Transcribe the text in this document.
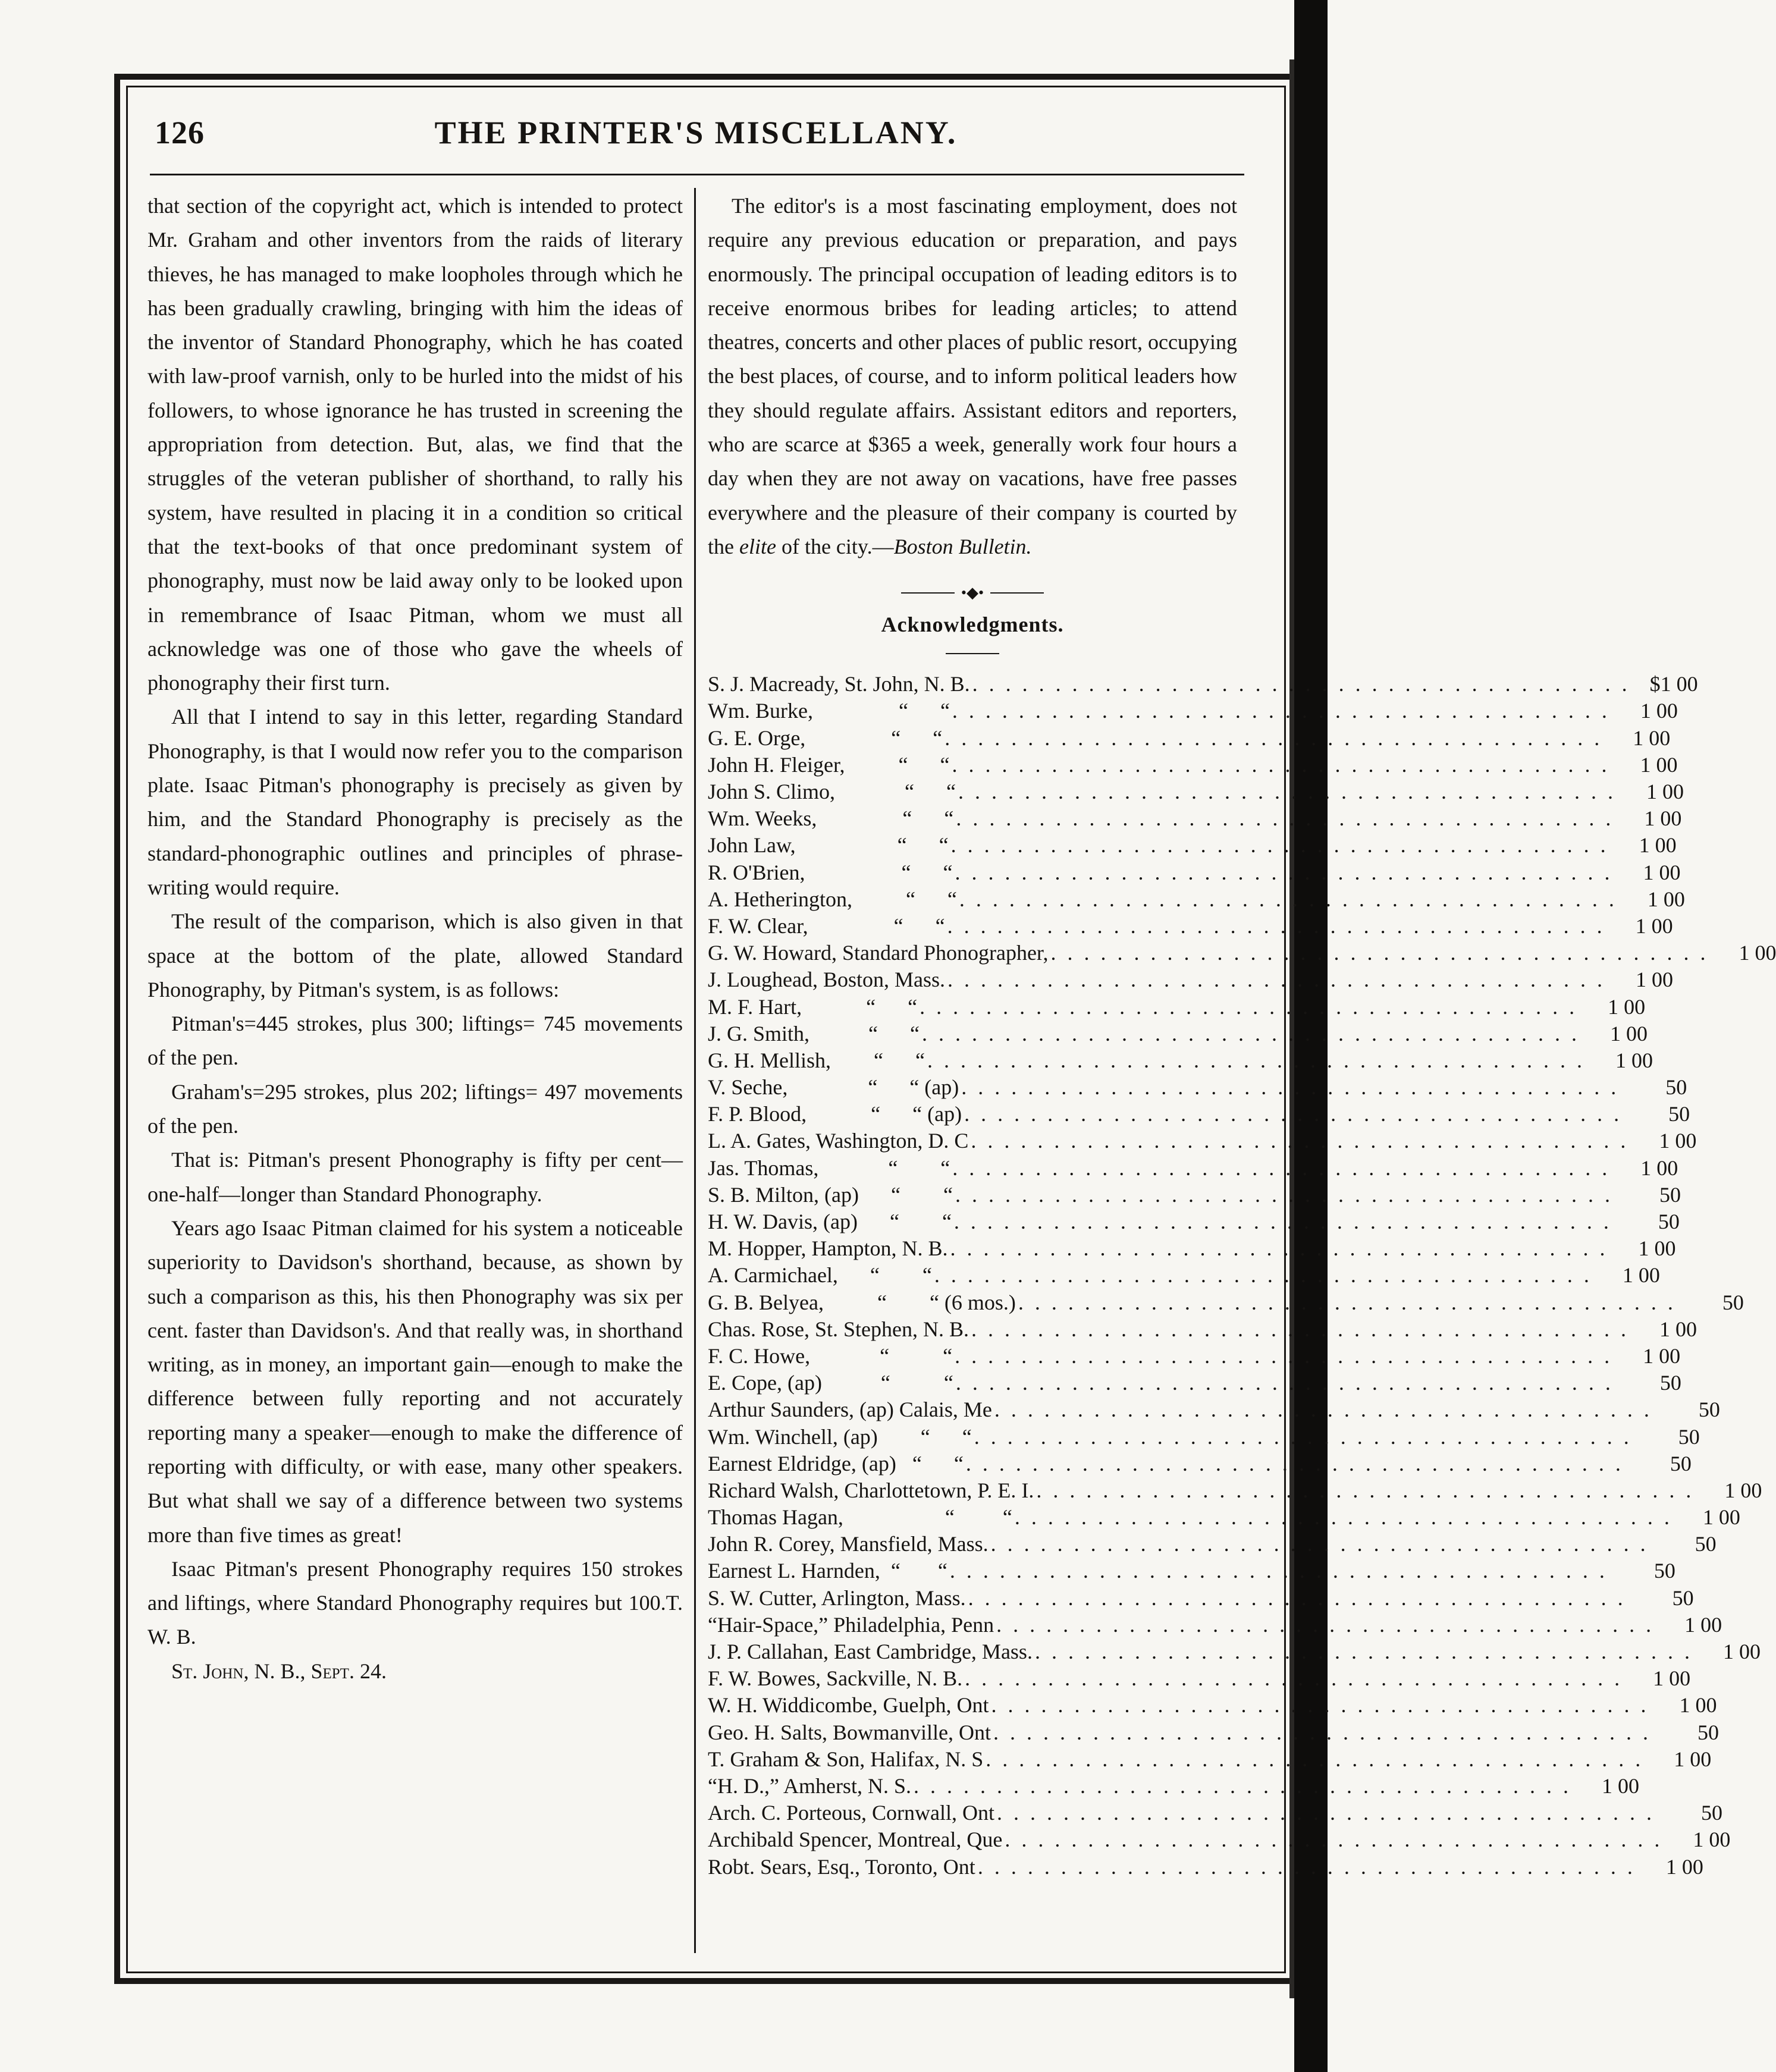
126	THE PRINTER'S MISCELLANY.

that section of the copyright act, which is intended to protect Mr. Graham and other inventors from the raids of literary thieves, he has managed to make loopholes through which he has been gradually crawling, bringing with him the ideas of the inventor of Standard Phonography, which he has coated with law-proof varnish, only to be hurled into the midst of his followers, to whose ignorance he has trusted in screening the appropriation from detection. But, alas, we find that the struggles of the veteran publisher of shorthand, to rally his system, have resulted in placing it in a condition so critical that the text-books of that once predominant system of phonography, must now be laid away only to be looked upon in remembrance of Isaac Pitman, whom we must all acknowledge was one of those who gave the wheels of phonography their first turn.

All that I intend to say in this letter, regarding Standard Phonography, is that I would now refer you to the comparison plate. Isaac Pitman's phonography is precisely as given by him, and the Standard Phonography is precisely as the standard-phonographic outlines and principles of phrase-writing would require.

The result of the comparison, which is also given in that space at the bottom of the plate, allowed Standard Phonography, by Pitman's system, is as follows:

Pitman's=445 strokes, plus 300; liftings= 745 movements of the pen.

Graham's=295 strokes, plus 202; liftings= 497 movements of the pen.

That is: Pitman's present Phonography is fifty per cent—one-half—longer than Standard Phonography.

Years ago Isaac Pitman claimed for his system a noticeable superiority to Davidson's shorthand, because, as shown by such a comparison as this, his then Phonography was six per cent. faster than Davidson's. And that really was, in shorthand writing, as in money, an important gain—enough to make the difference between fully reporting and not accurately reporting many a speaker—enough to make the difference of reporting with difficulty, or with ease, many other speakers. But what shall we say of a difference between two systems more than five times as great!

Isaac Pitman's present Phonography requires 150 strokes and liftings, where Standard Phonography requires but 100.T. W. B.

St. John, N. B., Sept. 24.

The editor's is a most fascinating employment, does not require any previous education or preparation, and pays enormously. The principal occupation of leading editors is to receive enormous bribes for leading articles; to attend theatres, concerts and other places of public resort, occupying the best places, of course, and to inform political leaders how they should regulate affairs. Assistant editors and reporters, who are scarce at $365 a week, generally work four hours a day when they are not away on vacations, have free passes everywhere and the pleasure of their company is courted by the elite of the city.—Boston Bulletin.

•◆•
Acknowledgments.
S. J. Macready, St. John, N. B. . . . . . . . . . . . . . . . . . . . . . . . . . . . . . . . . . . . . . . . . $1 00
Wm. Burke,                “      “ . . . . . . . . . . . . . . . . . . . . . . . . . . . . . . . . . . . . . . . .	1 00
G. E. Orge,                “      “ . . . . . . . . . . . . . . . . . . . . . . . . . . . . . . . . . . . . . . . .	1 00
John H. Fleiger,          “      “ . . . . . . . . . . . . . . . . . . . . . . . . . . . . . . . . . . . . . . . .	1 00
John S. Climo,             “      “ . . . . . . . . . . . . . . . . . . . . . . . . . . . . . . . . . . . . . . . .	1 00
Wm. Weeks,                “      “ . . . . . . . . . . . . . . . . . . . . . . . . . . . . . . . . . . . . . . . .	1 00
John Law,                   “      “ . . . . . . . . . . . . . . . . . . . . . . . . . . . . . . . . . . . . . . . .	1 00
R. O'Brien,                  “      “ . . . . . . . . . . . . . . . . . . . . . . . . . . . . . . . . . . . . . . . .	1 00
A. Hetherington,          “      “ . . . . . . . . . . . . . . . . . . . . . . . . . . . . . . . . . . . . . . . .	1 00
F. W. Clear,                “      “ . . . . . . . . . . . . . . . . . . . . . . . . . . . . . . . . . . . . . . . .	1 00
G. W. Howard, Standard Phonographer, . . . . . . . . . . . . . . . . . . . . . . . . . . . . . . . . . . . . . . . .	1 00
J. Loughead, Boston, Mass. . . . . . . . . . . . . . . . . . . . . . . . . . . . . . . . . . . . . . . . .	1 00
M. F. Hart,            “      “ . . . . . . . . . . . . . . . . . . . . . . . . . . . . . . . . . . . . . . . .	1 00
J. G. Smith,           “      “ . . . . . . . . . . . . . . . . . . . . . . . . . . . . . . . . . . . . . . . .	1 00
G. H. Mellish,        “      “ . . . . . . . . . . . . . . . . . . . . . . . . . . . . . . . . . . . . . . . .	1 00
V. Seche,               “      “ (ap) . . . . . . . . . . . . . . . . . . . . . . . . . . . . . . . . . . . . . . . .	50
F. P. Blood,            “      “ (ap) . . . . . . . . . . . . . . . . . . . . . . . . . . . . . . . . . . . . . . . .	50
L. A. Gates, Washington, D. C . . . . . . . . . . . . . . . . . . . . . . . . . . . . . . . . . . . . . . . .	1 00
Jas. Thomas,             “        “ . . . . . . . . . . . . . . . . . . . . . . . . . . . . . . . . . . . . . . . .	1 00
S. B. Milton, (ap)      “        “ . . . . . . . . . . . . . . . . . . . . . . . . . . . . . . . . . . . . . . . .	50
H. W. Davis, (ap)      “        “ . . . . . . . . . . . . . . . . . . . . . . . . . . . . . . . . . . . . . . . .	50
M. Hopper, Hampton, N. B. . . . . . . . . . . . . . . . . . . . . . . . . . . . . . . . . . . . . . . . .	1 00
A. Carmichael,      “        “ . . . . . . . . . . . . . . . . . . . . . . . . . . . . . . . . . . . . . . . .	1 00
G. B. Belyea,          “        “ (6 mos.) . . . . . . . . . . . . . . . . . . . . . . . . . . . . . . . . . . . . . . . .	50
Chas. Rose, St. Stephen, N. B. . . . . . . . . . . . . . . . . . . . . . . . . . . . . . . . . . . . . . . . .	1 00
F. C. Howe,             “          “ . . . . . . . . . . . . . . . . . . . . . . . . . . . . . . . . . . . . . . . .	1 00
E. Cope, (ap)           “          “ . . . . . . . . . . . . . . . . . . . . . . . . . . . . . . . . . . . . . . . .	50
Arthur Saunders, (ap) Calais, Me . . . . . . . . . . . . . . . . . . . . . . . . . . . . . . . . . . . . . . . .	50
Wm. Winchell, (ap)        “      “ . . . . . . . . . . . . . . . . . . . . . . . . . . . . . . . . . . . . . . . .	50
Earnest Eldridge, (ap)   “      “ . . . . . . . . . . . . . . . . . . . . . . . . . . . . . . . . . . . . . . . .	50
Richard Walsh, Charlottetown, P. E. I. . . . . . . . . . . . . . . . . . . . . . . . . . . . . . . . . . . . . . . . .	1 00
Thomas Hagan,                   “         “ . . . . . . . . . . . . . . . . . . . . . . . . . . . . . . . . . . . . . . . .	1 00
John R. Corey, Mansfield, Mass. . . . . . . . . . . . . . . . . . . . . . . . . . . . . . . . . . . . . . . . .	50
Earnest L. Harnden,  “       “ . . . . . . . . . . . . . . . . . . . . . . . . . . . . . . . . . . . . . . . .	50
S. W. Cutter, Arlington, Mass. . . . . . . . . . . . . . . . . . . . . . . . . . . . . . . . . . . . . . . . .	50
“Hair-Space,” Philadelphia, Penn . . . . . . . . . . . . . . . . . . . . . . . . . . . . . . . . . . . . . . . .	1 00
J. P. Callahan, East Cambridge, Mass. . . . . . . . . . . . . . . . . . . . . . . . . . . . . . . . . . . . . . . . .	1 00
F. W. Bowes, Sackville, N. B. . . . . . . . . . . . . . . . . . . . . . . . . . . . . . . . . . . . . . . . .	1 00
W. H. Widdicombe, Guelph, Ont . . . . . . . . . . . . . . . . . . . . . . . . . . . . . . . . . . . . . . . .	1 00
Geo. H. Salts, Bowmanville, Ont . . . . . . . . . . . . . . . . . . . . . . . . . . . . . . . . . . . . . . . .	50
T. Graham & Son, Halifax, N. S . . . . . . . . . . . . . . . . . . . . . . . . . . . . . . . . . . . . . . . .	1 00
“H. D.,” Amherst, N. S. . . . . . . . . . . . . . . . . . . . . . . . . . . . . . . . . . . . . . . . .	1 00
Arch. C. Porteous, Cornwall, Ont . . . . . . . . . . . . . . . . . . . . . . . . . . . . . . . . . . . . . . . .	50
Archibald Spencer, Montreal, Que . . . . . . . . . . . . . . . . . . . . . . . . . . . . . . . . . . . . . . . .	1 00
Robt. Sears, Esq., Toronto, Ont . . . . . . . . . . . . . . . . . . . . . . . . . . . . . . . . . . . . . . . .	1 00
